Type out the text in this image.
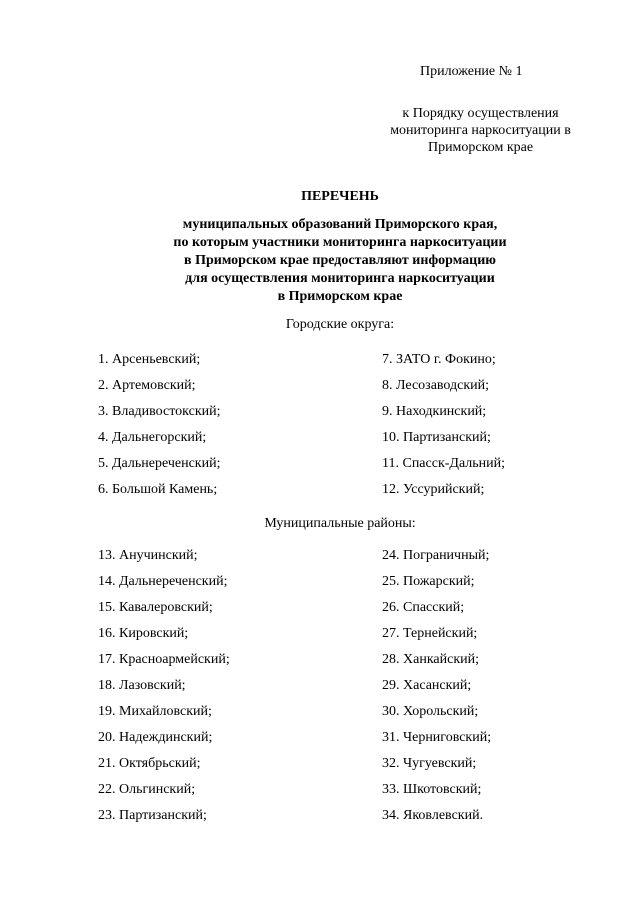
Приложение № 1
к Порядку осуществления
мониторинга наркоситуации в
Приморском крае
ПЕРЕЧЕНЬ
муниципальных образований Приморского края,
по которым участники мониторинга наркоситуации
в Приморском крае предоставляют информацию
для осуществления мониторинга наркоситуации
в Приморском крае
Городские округа:
1. Арсеньевский;
2. Артемовский;
3. Владивостокский;
4. Дальнегорский;
5. Дальнереченский;
6. Большой Камень;
7. ЗАТО г. Фокино;
8. Лесозаводский;
9. Находкинский;
10. Партизанский;
11. Спасск-Дальний;
12. Уссурийский;
Муниципальные районы:
13. Анучинский;
14. Дальнереченский;
15. Кавалеровский;
16. Кировский;
17. Красноармейский;
18. Лазовский;
19. Михайловский;
20. Надеждинский;
21. Октябрьский;
22. Ольгинский;
23. Партизанский;
24. Пограничный;
25. Пожарский;
26. Спасский;
27. Тернейский;
28. Ханкайский;
29. Хасанский;
30. Хорольский;
31. Черниговский;
32. Чугуевский;
33. Шкотовский;
34. Яковлевский.
